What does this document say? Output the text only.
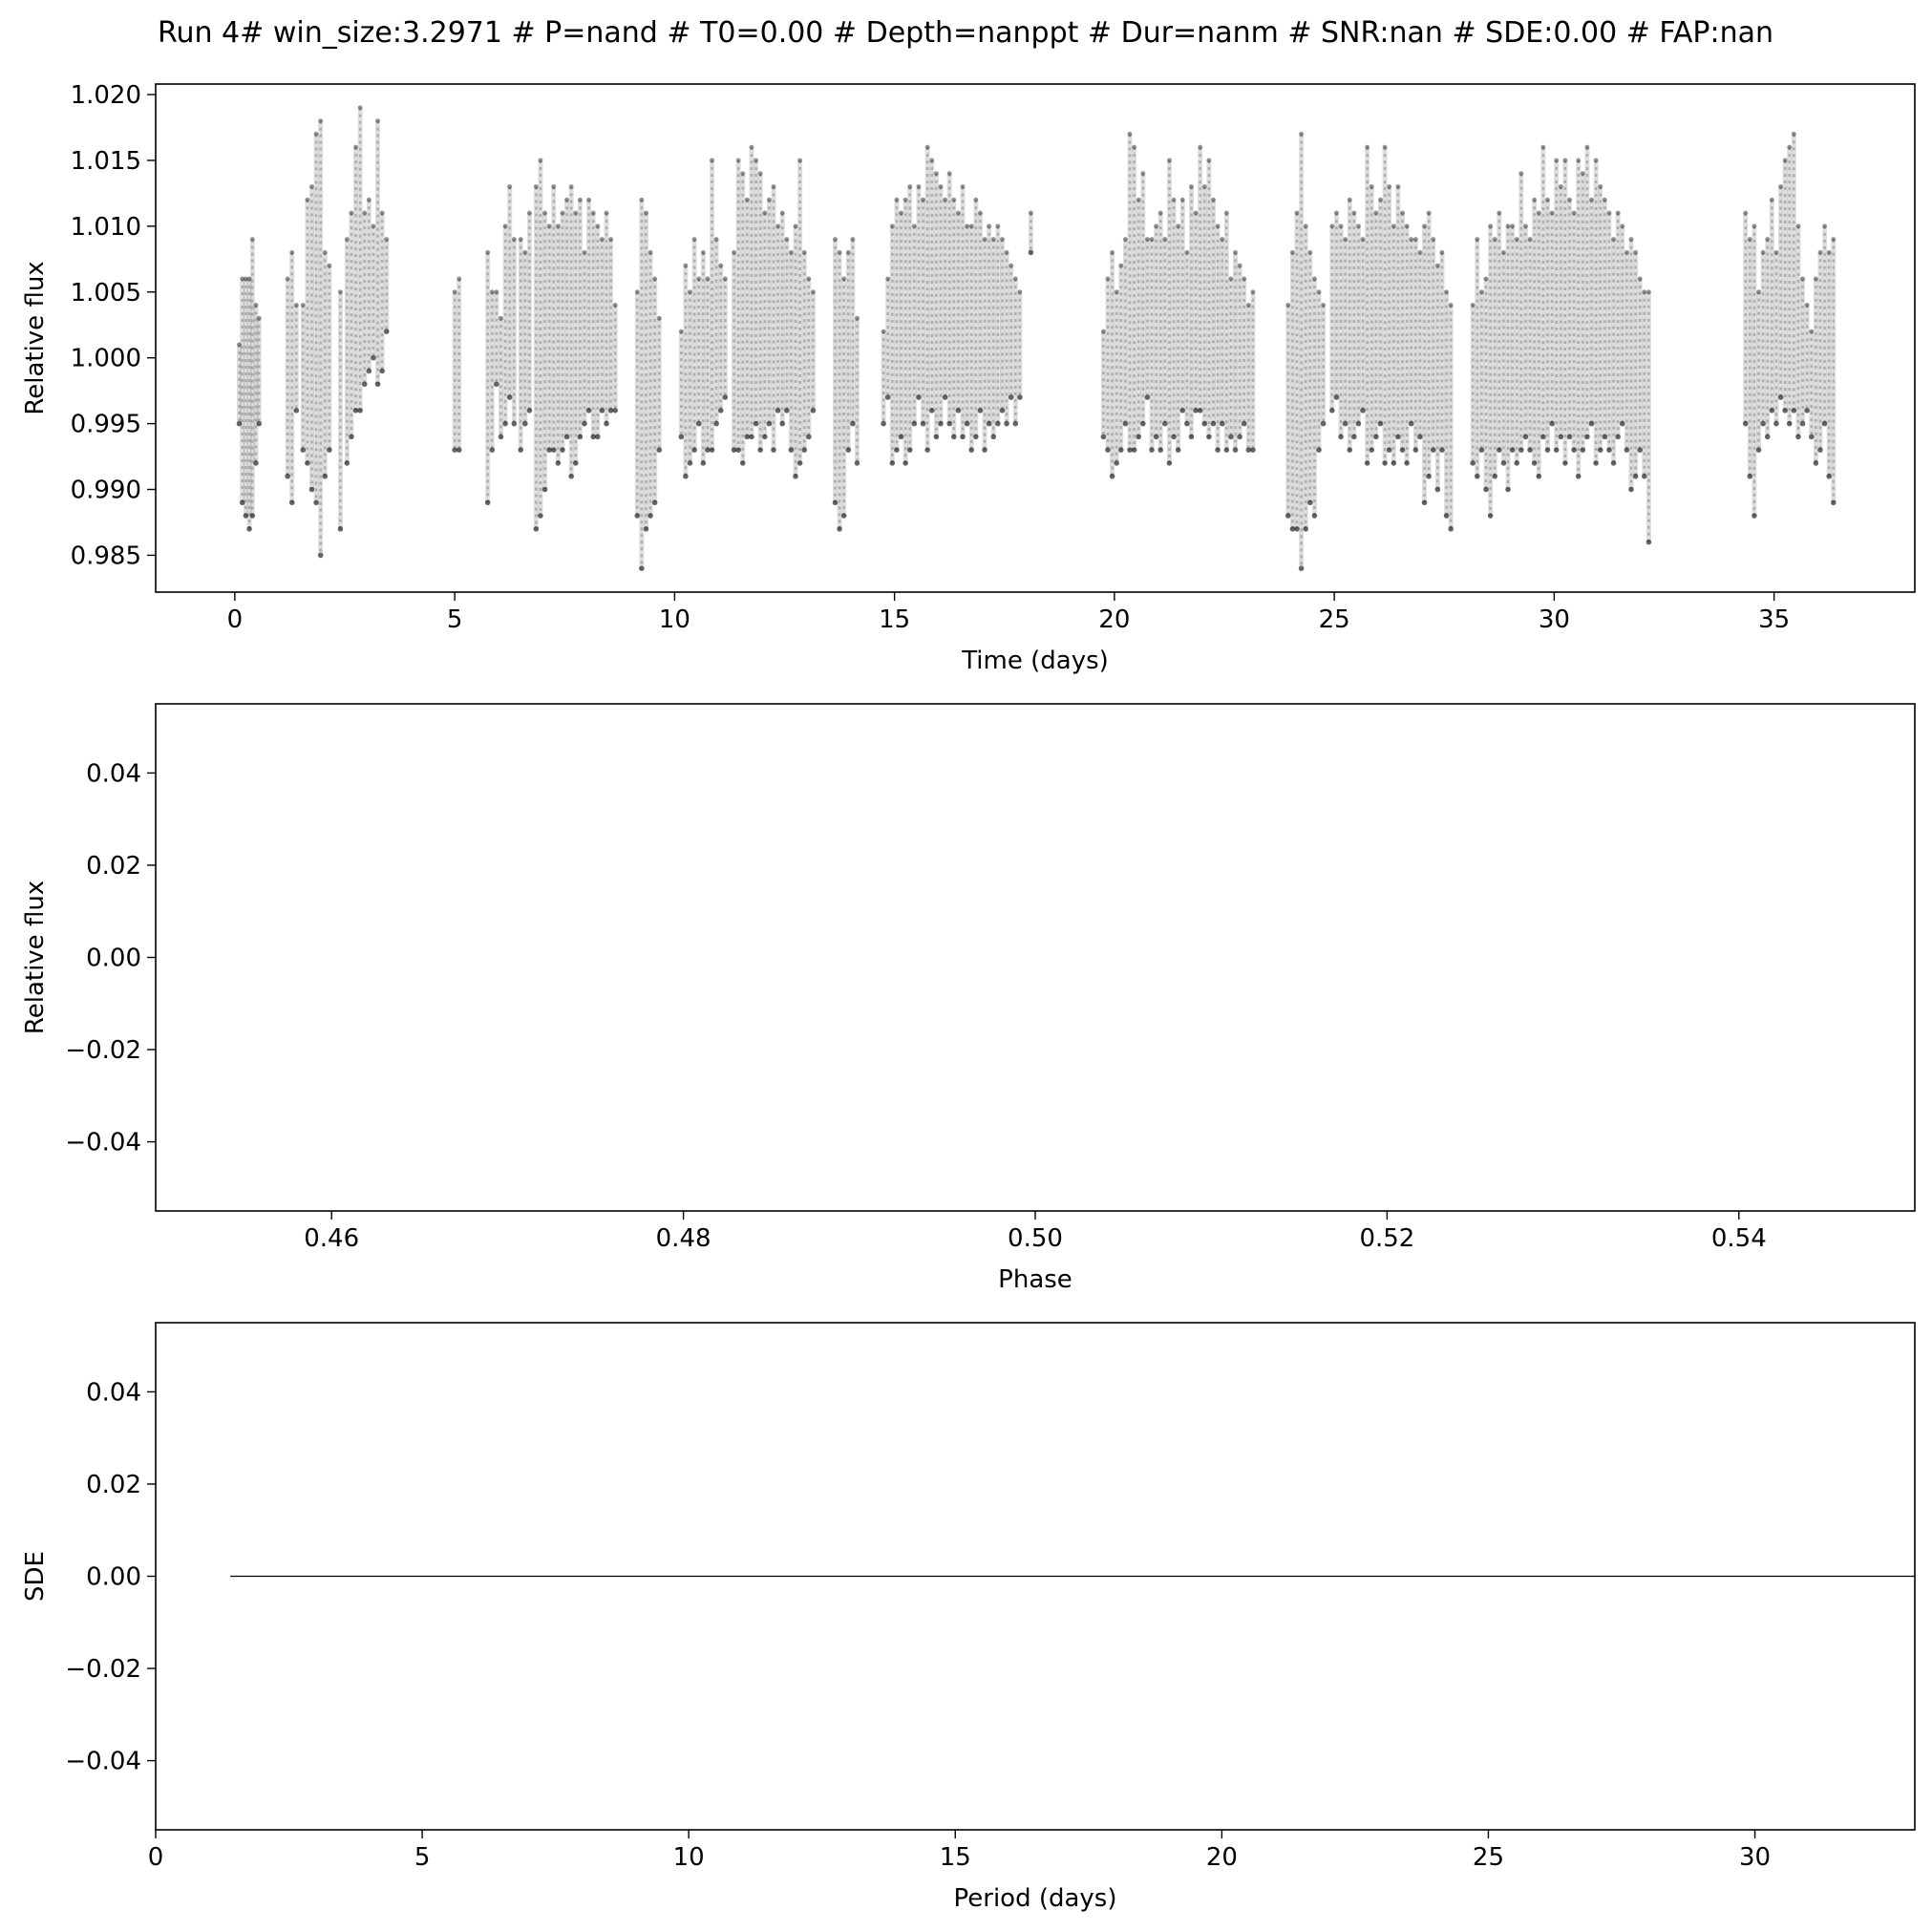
Run 4# win_size:3.2971 # P=nand # T0=0.00 # Depth=nanppt # Dur=nanm # SNR:nan # SDE:0.00 # FAP:nan
0	5	10	15	20	25	30	35
0.985
0.990
0.995
1.000
1.005
1.010
1.015
1.020
Time (days)
Relative flux
0.46	0.48	0.50	0.52	0.54
−0.04
−0.02
0.00
0.02
0.04
Phase
Relative flux
0	5	10	15	20	25	30
−0.04
−0.02
0.00
0.02
0.04
Period (days)
SDE
